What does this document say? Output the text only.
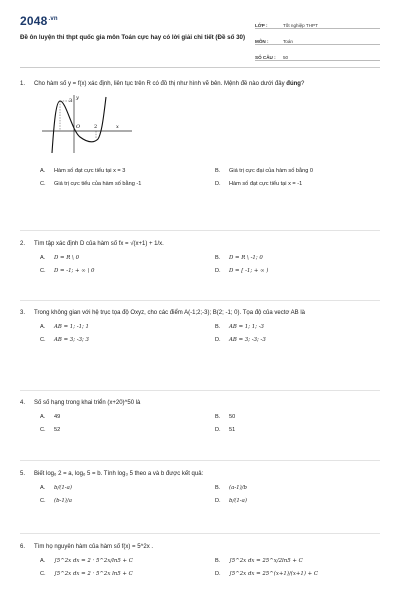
$2048^{.vn}$
Đề ôn luyện thi thpt quốc gia môn Toán cực hay có lời giải chi tiết (Đề số 30)
LỚP :	Tốt nghiệp THPT
MÔN :	Toán
SỐ CÂU :	50
1.	Cho hàm số y = f(x) xác định, liên tục trên R có đồ thị như hình vẽ bên. Mệnh đề nào dưới đây đúng?
3 y
O	2	x
A.	Hàm số đạt cực tiểu tại x = 3	B.	Giá trị cực đại của hàm số bằng 0
C.	Giá trị cực tiểu của hàm số bằng -1	D.	Hàm số đạt cực tiểu tại x = -1
2.	Tìm tập xác định D của hàm số fx = √(x+1) + 1/x.
A.	D = R \ 0	B.	D = R \ -1; 0
C.	D = -1; + ∞ \ 0	D.	D = [ -1; + ∞ )
3.	Trong không gian với hệ trục tọa độ Oxyz, cho các điểm A(-1;2;-3); B(2; -1; 0). Tọa độ của vectơ AB là
A.	AB = 1; -1; 1	B.	AB = 1; 1; -3
C.	AB = 3; -3; 3	D.	AB = 3; -3; -3
4.	Số số hạng trong khai triển (x+20)^50 là
A.	49	B.	50
C.	52	D.	51
5.	Biết log₆ 2 = a, log₆ 5 = b. Tính log₃ 5 theo a và b được kết quả:
A.	b/(1-a)	B.	(a-1)/b
C.	(b-1)/a	D.	b/(1-a)
6.	Tìm họ nguyên hàm của hàm số f(x) = 5^2x .
A.	∫5^2x dx = 2 · 5^2x/ln5 + C	B.	∫5^2x dx = 25^x/2ln5 + C
C.	∫5^2x dx = 2 · 5^2x ln5 + C	D.	∫5^2x dx = 25^(x+1)/(x+1) + C
